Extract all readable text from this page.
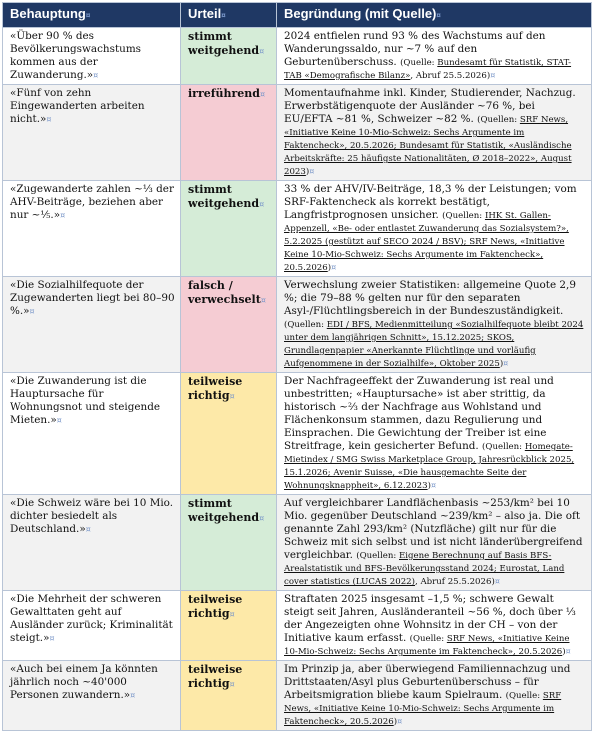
Behauptung¤	Urteil¤	Begründung (mit Quelle)¤
«Über 90 % des Bevölkerungswachstums kommen aus der Zuwanderung.»¤	stimmt weitgehend¤	2024 entfielen rund 93 % des Wachstums auf den Wanderungssaldo, nur ~7 % auf den Geburtenüberschuss. (Quelle: Bundesamt für Statistik, STAT-TAB «Demografische Bilanz», Abruf 25.5.2026)¤
«Fünf von zehn Eingewanderten arbeiten nicht.»¤	irreführend¤	Momentaufnahme inkl. Kinder, Studierender, Nachzug. Erwerbstätigenquote der Ausländer ~76 %, bei EU/EFTA ~81 %, Schweizer ~82 %. (Quellen: SRF News, «Initiative Keine 10-Mio-Schweiz: Sechs Argumente im Faktencheck», 20.5.2026; Bundesamt für Statistik, «Ausländische Arbeitskräfte: 25 häufigste Nationalitäten, Ø 2018–2022», August 2023)¤
«Zugewanderte zahlen ~⅓ der AHV-Beiträge, beziehen aber nur ~⅕.»¤	stimmt weitgehend¤	33 % der AHV/IV-Beiträge, 18,3 % der Leistungen; vom SRF-Faktencheck als korrekt bestätigt, Langfristprognosen unsicher. (Quellen: IHK St. Gallen-Appenzell, «Be- oder entlastet Zuwanderung das Sozialsystem?», 5.2.2025 (gestützt auf SECO 2024 / BSV); SRF News, «Initiative Keine 10-Mio-Schweiz: Sechs Argumente im Faktencheck», 20.5.2026)¤
«Die Sozialhilfequote der Zugewanderten liegt bei 80–90 %.»¤	falsch / verwechselt¤	Verwechslung zweier Statistiken: allgemeine Quote 2,9 %; die 79–88 % gelten nur für den separaten Asyl-/Flüchtlingsbereich in der Bundeszuständigkeit. (Quellen: EDI / BFS, Medienmitteilung «Sozialhilfequote bleibt 2024 unter dem langjährigen Schnitt», 15.12.2025; SKOS, Grundlagenpapier «Anerkannte Flüchtlinge und vorläufig Aufgenommene in der Sozialhilfe», Oktober 2025)¤
«Die Zuwanderung ist die Hauptursache für Wohnungsnot und steigende Mieten.»¤	teilweise richtig¤	Der Nachfrageeffekt der Zuwanderung ist real und unbestritten; «Hauptursache» ist aber strittig, da historisch ~⅔ der Nachfrage aus Wohlstand und Flächenkonsum stammen, dazu Regulierung und Einsprachen. Die Gewichtung der Treiber ist eine Streitfrage, kein gesicherter Befund. (Quellen: Homegate-Mietindex / SMG Swiss Marketplace Group, Jahresrückblick 2025, 15.1.2026; Avenir Suisse, «Die hausgemachte Seite der Wohnungsknappheit», 6.12.2023)¤
«Die Schweiz wäre bei 10 Mio. dichter besiedelt als Deutschland.»¤	stimmt weitgehend¤	Auf vergleichbarer Landflächenbasis ~253/km² bei 10 Mio. gegenüber Deutschland ~239/km² – also ja. Die oft genannte Zahl 293/km² (Nutzfläche) gilt nur für die Schweiz mit sich selbst und ist nicht länderübergreifend vergleichbar. (Quellen: Eigene Berechnung auf Basis BFS-Arealstatistik und BFS-Bevölkerungsstand 2024; Eurostat, Land cover statistics (LUCAS 2022), Abruf 25.5.2026)¤
«Die Mehrheit der schweren Gewalttaten geht auf Ausländer zurück; Kriminalität steigt.»¤	teilweise richtig¤	Straftaten 2025 insgesamt –1,5 %; schwere Gewalt steigt seit Jahren, Ausländeranteil ~56 %, doch über ⅓ der Angezeigten ohne Wohnsitz in der CH – von der Initiative kaum erfasst. (Quelle: SRF News, «Initiative Keine 10-Mio-Schweiz: Sechs Argumente im Faktencheck», 20.5.2026)¤
«Auch bei einem Ja könnten jährlich noch ~40'000 Personen zuwandern.»¤	teilweise richtig¤	Im Prinzip ja, aber überwiegend Familiennachzug und Drittstaaten/Asyl plus Geburtenüberschuss – für Arbeitsmigration bliebe kaum Spielraum. (Quelle: SRF News, «Initiative Keine 10-Mio-Schweiz: Sechs Argumente im Faktencheck», 20.5.2026)¤
